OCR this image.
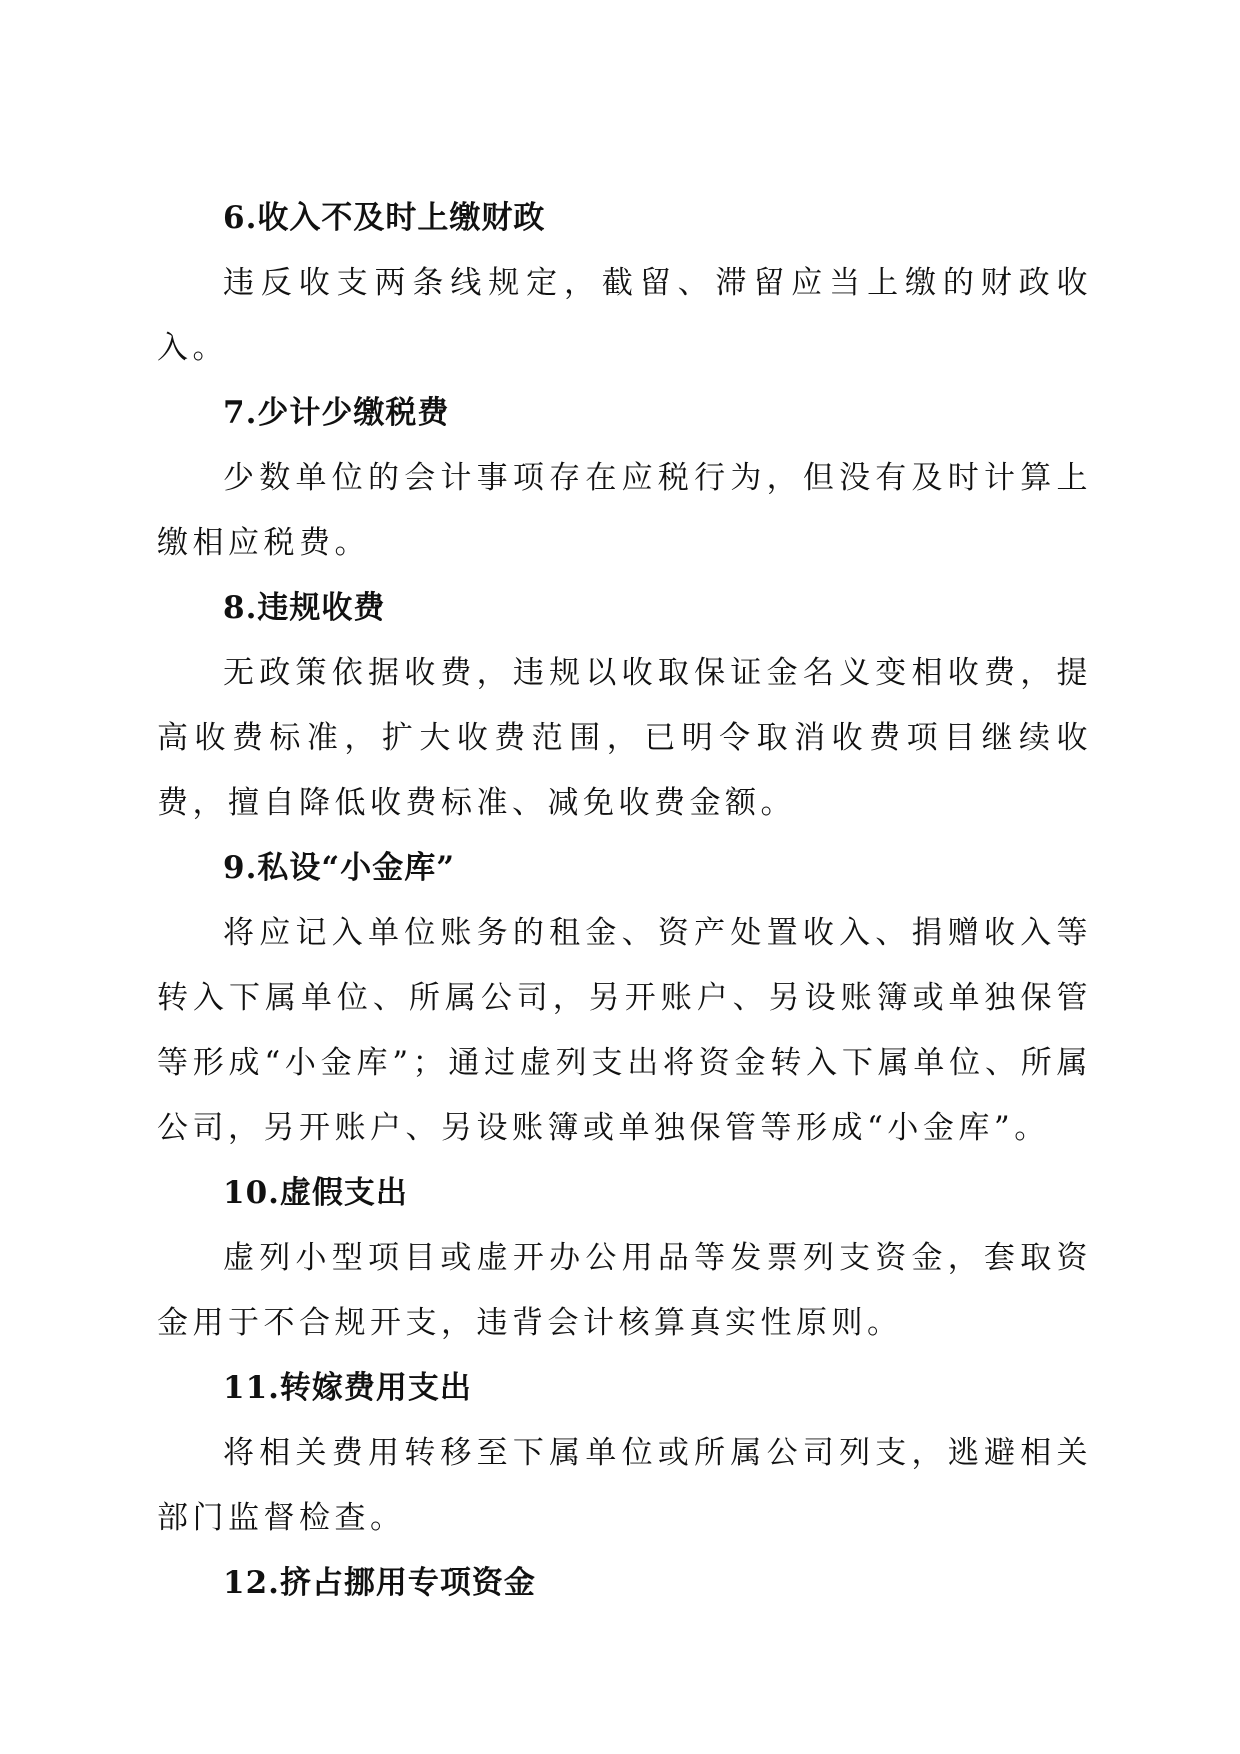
6.收入不及时上缴财政

违反收支两条线规定，截留、滞留应当上缴的财政收入。

7.少计少缴税费

少数单位的会计事项存在应税行为，但没有及时计算上缴相应税费。

8.违规收费

无政策依据收费，违规以收取保证金名义变相收费，提高收费标准，扩大收费范围，已明令取消收费项目继续收费，擅自降低收费标准、减免收费金额。

9.私设“小金库”

将应记入单位账务的租金、资产处置收入、捐赠收入等转入下属单位、所属公司，另开账户、另设账簿或单独保管等形成“小金库”；通过虚列支出将资金转入下属单位、所属公司，另开账户、另设账簿或单独保管等形成“小金库”。

10.虚假支出

虚列小型项目或虚开办公用品等发票列支资金，套取资金用于不合规开支，违背会计核算真实性原则。

11.转嫁费用支出

将相关费用转移至下属单位或所属公司列支，逃避相关部门监督检查。

12.挤占挪用专项资金
